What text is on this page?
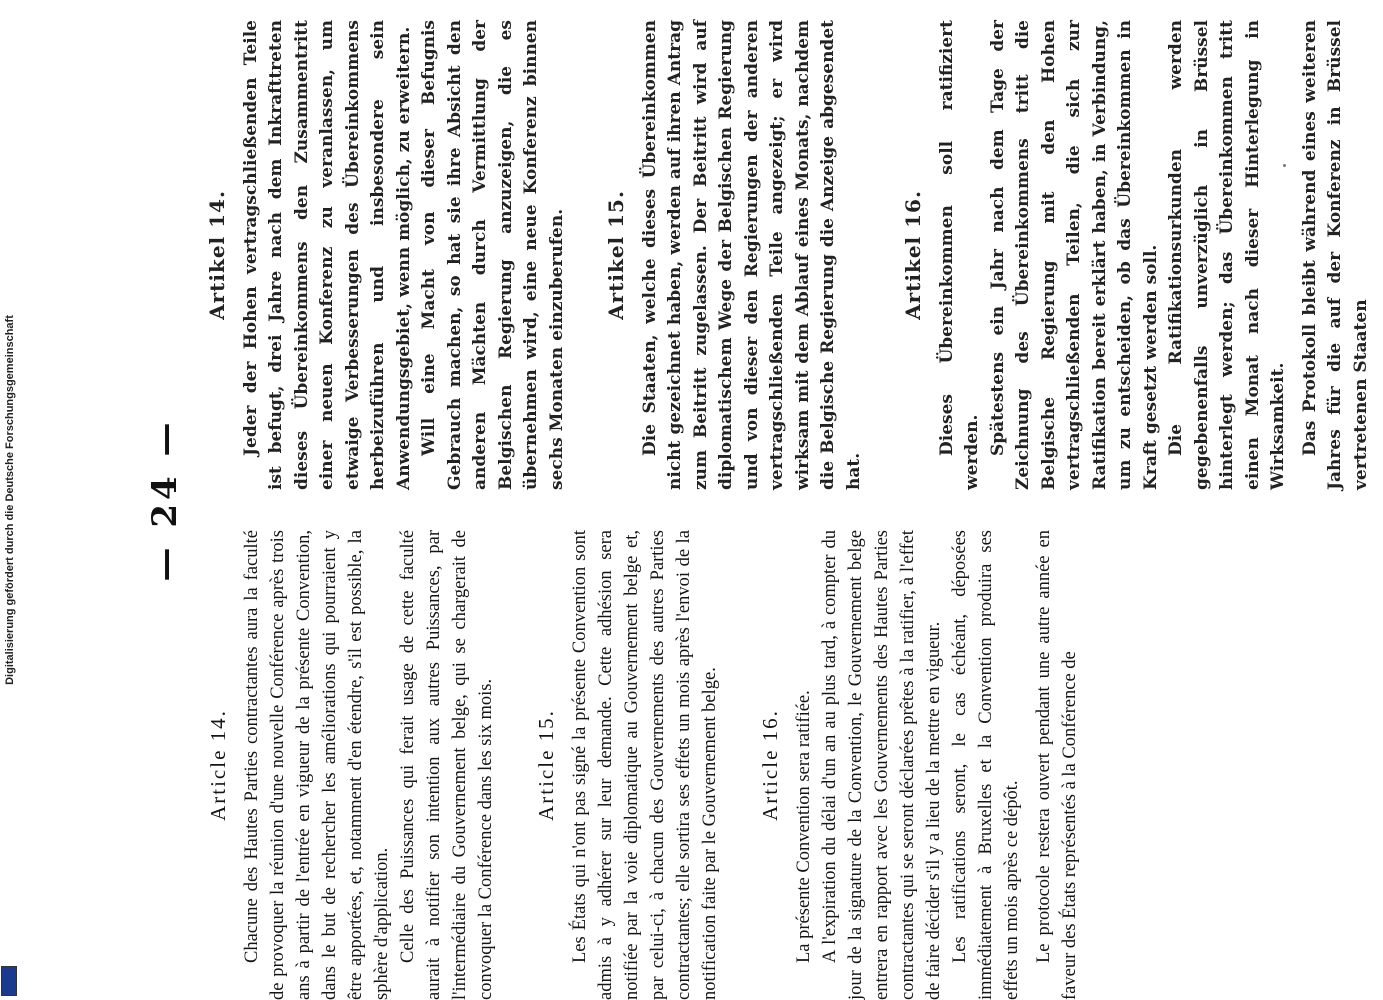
— 24 —
Article 14. Chacune des Hautes Parties contractantes aura la faculté de provoquer la réunion d'une nouvelle Conférence après trois ans à partir de l'entrée en vigueur de la présente Convention, dans le but de rechercher les améliorations qui pourraient y être apportées, et, notamment d'en étendre, s'il est possible, la sphère d'application. Celle des Puissances qui ferait usage de cette faculté aurait à notifier son intention aux autres Puissances, par l'intermédiaire du Gouvernement belge, qui se chargerait de convoquer la Conférence dans les six mois. Article 15. Les États qui n'ont pas signé la présente Convention sont admis à y adhérer sur leur demande. Cette adhésion sera notifiée par la voie diplomatique au Gouvernement belge et, par celui-ci, à chacun des Gouvernements des autres Parties contractantes; elle sortira ses effets un mois après l'envoi de la notification faite par le Gouvernement belge. Article 16. La présente Convention sera ratifiée. A l'expiration du délai d'un an au plus tard, à compter du jour de la signature de la Convention, le Gouvernement belge entrera en rapport avec les Gouvernements des Hautes Parties contractantes qui se seront déclarées prêtes à la ratifier, à l'effet de faire décider s'il y a lieu de la mettre en vigueur. Les ratifications seront, le cas échéant, déposées immédiatement à Bruxelles et la Convention produira ses effets un mois après ce dépôt. Le protocole restera ouvert pendant une autre année en faveur des États représentés à la Conférence de

Artikel 14. Jeder der Hohen vertragschließenden Teile ist befugt, drei Jahre nach dem Inkrafttreten dieses Übereinkommens den Zusammentritt einer neuen Konferenz zu veranlassen, um etwaige Verbesserungen des Übereinkommens herbeizuführen und insbesondere sein Anwendungsgebiet, wenn möglich, zu erweitern. Will eine Macht von dieser Befugnis Gebrauch machen, so hat sie ihre Absicht den anderen Mächten durch Vermittlung der Belgischen Regierung anzuzeigen, die es übernehmen wird, eine neue Konferenz binnen sechs Monaten einzuberufen. Artikel 15. Die Staaten, welche dieses Übereinkommen nicht gezeichnet haben, werden auf ihren Antrag zum Beitritt zugelassen. Der Beitritt wird auf diplomatischem Wege der Belgischen Regierung und von dieser den Regierungen der anderen vertragschließenden Teile angezeigt; er wird wirksam mit dem Ablauf eines Monats, nachdem die Belgische Regierung die Anzeige abgesendet hat.

Artikel 16. Dieses Übereinkommen soll ratifiziert werden. Spätestens ein Jahr nach dem Tage der Zeichnung des Übereinkommens tritt die Belgische Regierung mit den Hohen vertragschließenden Teilen, die sich zur Ratifikation bereit erklärt haben, in Verbindung, um zu entscheiden, ob das Übereinkommen in Kraft gesetzt werden soll. Die Ratifikationsurkunden werden gegebenenfalls unverzüglich in Brüssel hinterlegt werden; das Übereinkommen tritt einen Monat nach dieser Hinterlegung in Wirksamkeit. Das Protokoll bleibt während eines weiteren Jahres für die auf der Konferenz in Brüssel vertretenen Staaten

Digitalisierung gefördert durch die Deutsche Forschungsgemeinschaft
